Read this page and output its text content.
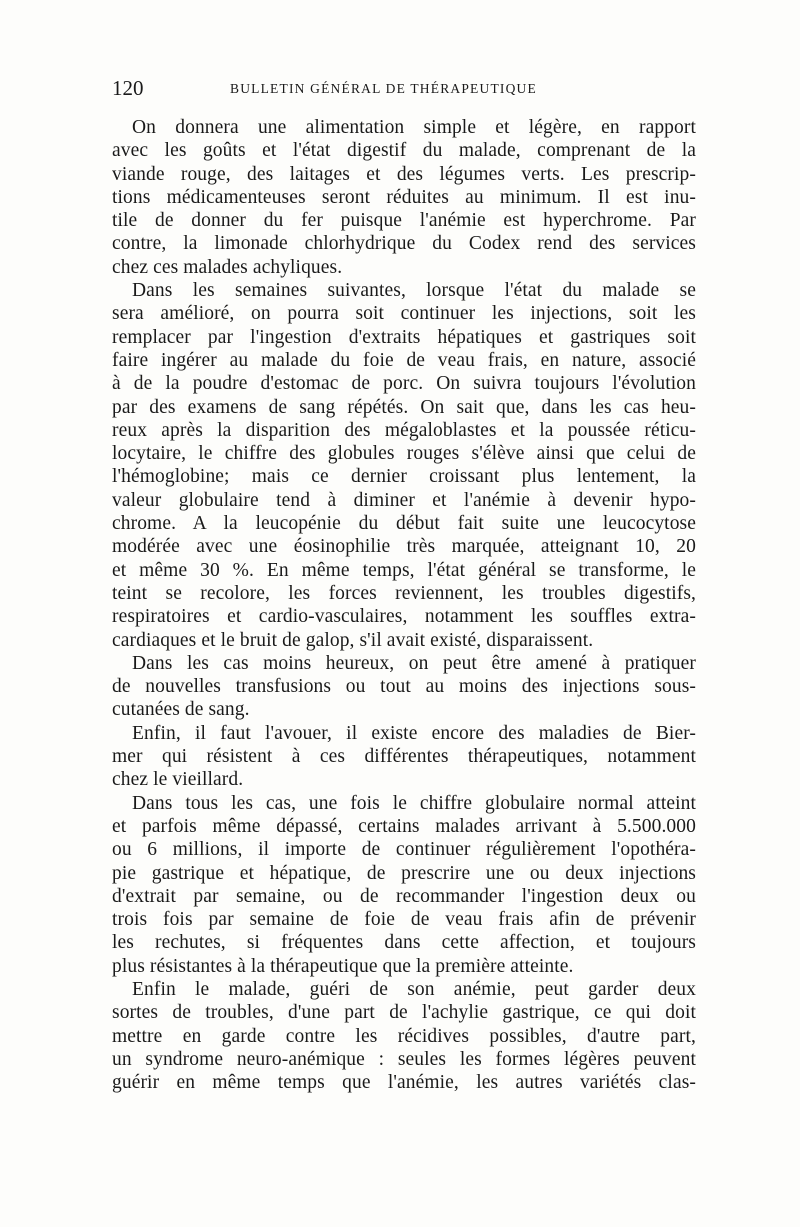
120	BULLETIN GÉNÉRAL DE THÉRAPEUTIQUE
On donnera une alimentation simple et légère, en rapport
avec les goûts et l'état digestif du malade, comprenant de la
viande rouge, des laitages et des légumes verts. Les prescrip-
tions médicamenteuses seront réduites au minimum. Il est inu-
tile de donner du fer puisque l'anémie est hyperchrome. Par
contre, la limonade chlorhydrique du Codex rend des services
chez ces malades achyliques.
Dans les semaines suivantes, lorsque l'état du malade se
sera amélioré, on pourra soit continuer les injections, soit les
remplacer par l'ingestion d'extraits hépatiques et gastriques soit
faire ingérer au malade du foie de veau frais, en nature, associé
à de la poudre d'estomac de porc. On suivra toujours l'évolution
par des examens de sang répétés. On sait que, dans les cas heu-
reux après la disparition des mégaloblastes et la poussée réticu-
locytaire, le chiffre des globules rouges s'élève ainsi que celui de
l'hémoglobine; mais ce dernier croissant plus lentement, la
valeur globulaire tend à diminer et l'anémie à devenir hypo-
chrome. A la leucopénie du début fait suite une leucocytose
modérée avec une éosinophilie très marquée, atteignant 10, 20
et même 30 %. En même temps, l'état général se transforme, le
teint se recolore, les forces reviennent, les troubles digestifs,
respiratoires et cardio-vasculaires, notamment les souffles extra-
cardiaques et le bruit de galop, s'il avait existé, disparaissent.
Dans les cas moins heureux, on peut être amené à pratiquer
de nouvelles transfusions ou tout au moins des injections sous-
cutanées de sang.
Enfin, il faut l'avouer, il existe encore des maladies de Bier-
mer qui résistent à ces différentes thérapeutiques, notamment
chez le vieillard.
Dans tous les cas, une fois le chiffre globulaire normal atteint
et parfois même dépassé, certains malades arrivant à 5.500.000
ou 6 millions, il importe de continuer régulièrement l'opothéra-
pie gastrique et hépatique, de prescrire une ou deux injections
d'extrait par semaine, ou de recommander l'ingestion deux ou
trois fois par semaine de foie de veau frais afin de prévenir
les rechutes, si fréquentes dans cette affection, et toujours
plus résistantes à la thérapeutique que la première atteinte.
Enfin le malade, guéri de son anémie, peut garder deux
sortes de troubles, d'une part de l'achylie gastrique, ce qui doit
mettre en garde contre les récidives possibles, d'autre part,
un syndrome neuro-anémique : seules les formes légères peuvent
guérir en même temps que l'anémie, les autres variétés clas-
